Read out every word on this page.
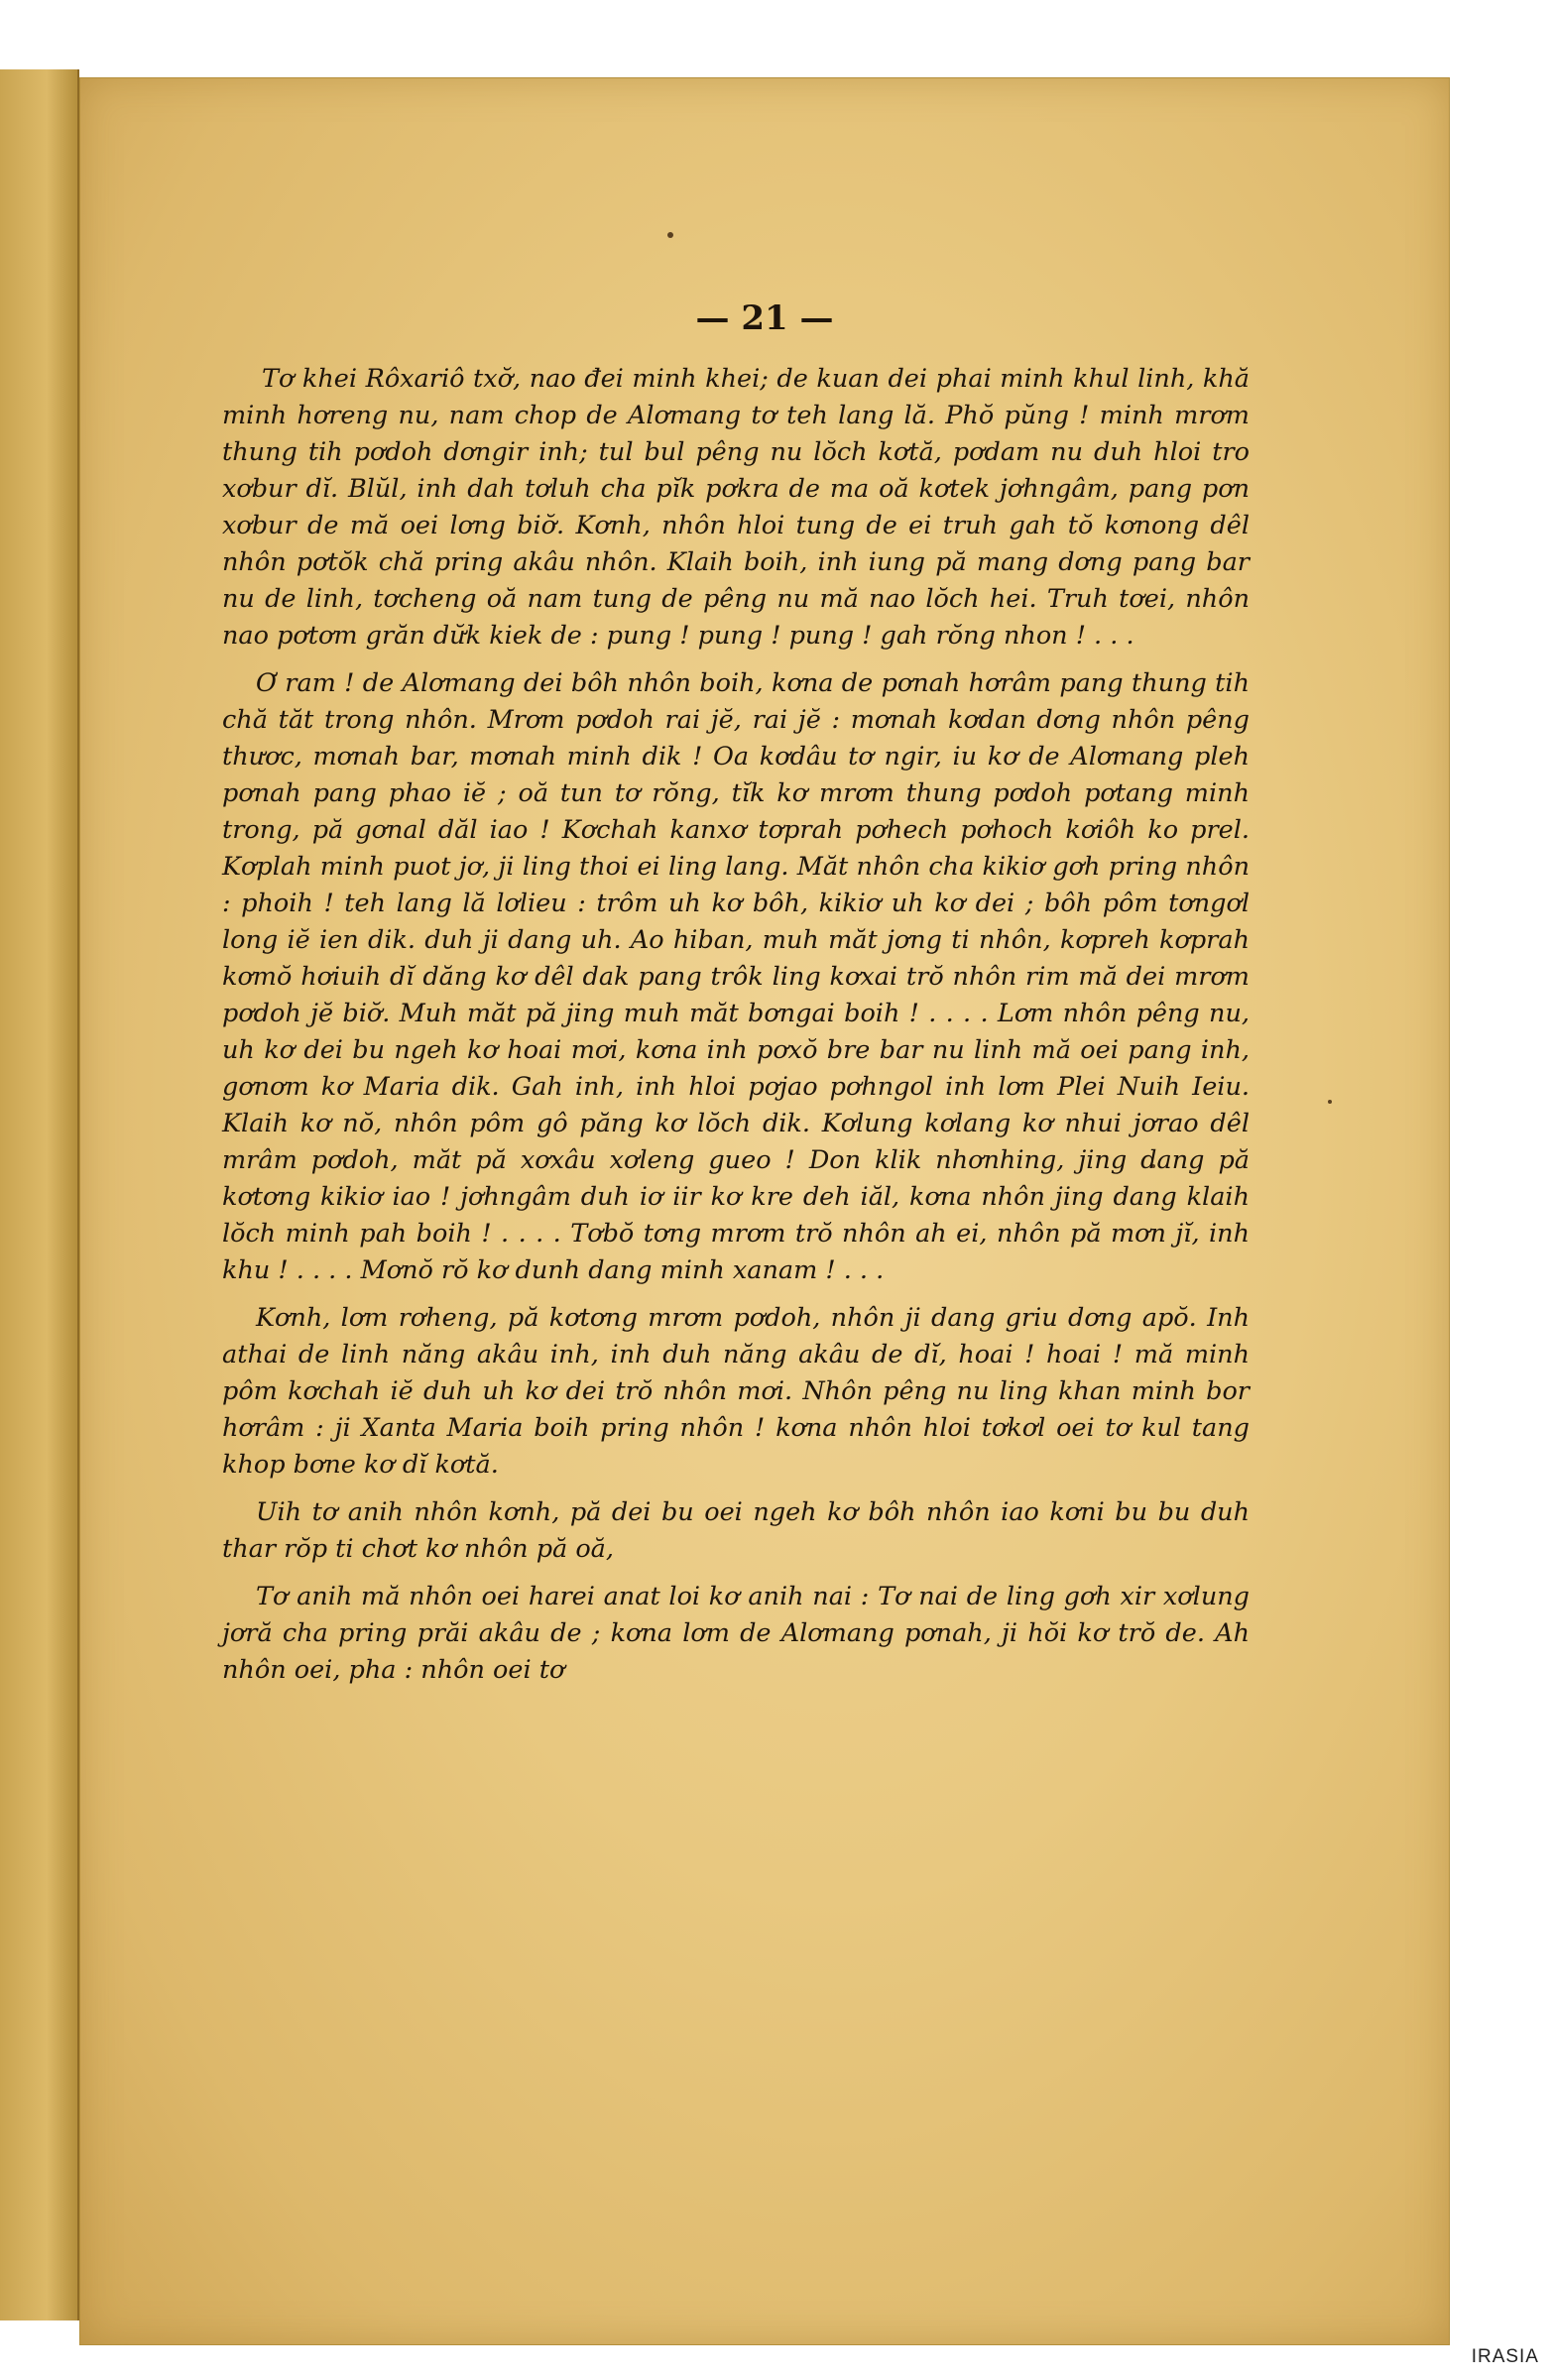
— 21 —

Tơ khei Rôxariô txơ̆, nao đei minh khei; de kuan dei phai minh khul linh, khă minh hơreng nu, nam chop de Alơmang tơ teh lang lă. Phŏ pŭng ! minh mrơm thung tih pơdoh dơngir inh; tul bul pêng nu lŏch kơtă, pơdam nu duh hloi tro xơbur dĭ. Blŭl, inh dah tơluh cha pĭk pơkra de ma oă kơtek jơhngâm, pang pơn xơbur de mă oei lơng biơ̆. Kơnh, nhôn hloi tung de ei truh gah tŏ kơnong dêl nhôn pơtŏk chă pring akâu nhôn. Klaih boih, inh iung pă mang dơng pang bar nu de linh, tơcheng oă nam tung de pêng nu mă nao lŏch hei. Truh tơei, nhôn nao pơtơm grăn dư̆k kiek de : pung ! pung ! pung ! gah rŏng nhon ! . . .

Ơ ram ! de Alơmang dei bôh nhôn boih, kơna de pơnah hơrâm pang thung tih chă tăt trong nhôn. Mrơm pơdoh rai jĕ, rai jĕ : mơnah kơdan dơng nhôn pêng thươc, mơnah bar, mơnah minh dik ! Oa kơdâu tơ ngir, iu kơ de Alơmang pleh pơnah pang phao iĕ ; oă tun tơ rŏng, tĭk kơ mrơm thung pơdoh pơtang minh trong, pă gơnal dăl iao ! Kơchah kanxơ tơprah pơhech pơhoch kơiôh ko prel. Kơplah minh puot jơ, ji ling thoi ei ling lang. Măt nhôn cha kikiơ gơh pring nhôn : phoih ! teh lang lă lơlieu : trôm uh kơ bôh, kikiơ uh kơ dei ; bôh pôm tơngơl long iĕ ien dik. duh ji dang uh. Ao hiban, muh măt jơng ti nhôn, kơpreh kơprah kơmŏ hơiuih dĭ dăng kơ dêl dak pang trôk ling kơxai trŏ nhôn rim mă dei mrơm pơdoh jĕ biơ̆. Muh măt pă jing muh măt bơngai boih ! . . . . Lơm nhôn pêng nu, uh kơ dei bu ngeh kơ hoai mơi, kơna inh pơxŏ bre bar nu linh mă oei pang inh, gơnơm kơ Maria dik. Gah inh, inh hloi pơjao pơhngol inh lơm Plei Nuih Ieiu. Klaih kơ nŏ, nhôn pôm gô păng kơ lŏch dik. Kơlung kơlang kơ nhui jơrao dêl mrâm pơdoh, măt pă xơxâu xơleng gueo ! Don klik nhơnhing, jing dang pă kơtơng kikiơ iao ! jơhngâm duh iơ iir kơ kre deh iăl, kơna nhôn jing dang klaih lŏch minh pah boih ! . . . . Tơbŏ tơng mrơm trŏ nhôn ah ei, nhôn pă mơn jĭ, inh khu ! . . . . Mơnŏ rŏ kơ dunh dang minh xanam ! . . .

Kơnh, lơm rơheng, pă kơtơng mrơm pơdoh, nhôn ji dang griu dơng apŏ. Inh athai de linh năng akâu inh, inh duh năng akâu de dĭ, hoai ! hoai ! mă minh pôm kơchah iĕ duh uh kơ dei trŏ nhôn mơi. Nhôn pêng nu ling khan minh bor hơrâm : ji Xanta Maria boih pring nhôn ! kơna nhôn hloi tơkơl oei tơ kul tang khop bơne kơ dĭ kơtă.

Uih tơ anih nhôn kơnh, pă dei bu oei ngeh kơ bôh nhôn iao kơni bu bu duh thar rŏp ti chơt kơ nhôn pă oă,

Tơ anih mă nhôn oei harei anat loi kơ anih nai : Tơ nai de ling gơh xir xơlung jơră cha pring prăi akâu de ; kơna lơm de Alơmang pơnah, ji hŏi kơ trŏ de. Ah nhôn oei, pha : nhôn oei tơ

IRASIA
